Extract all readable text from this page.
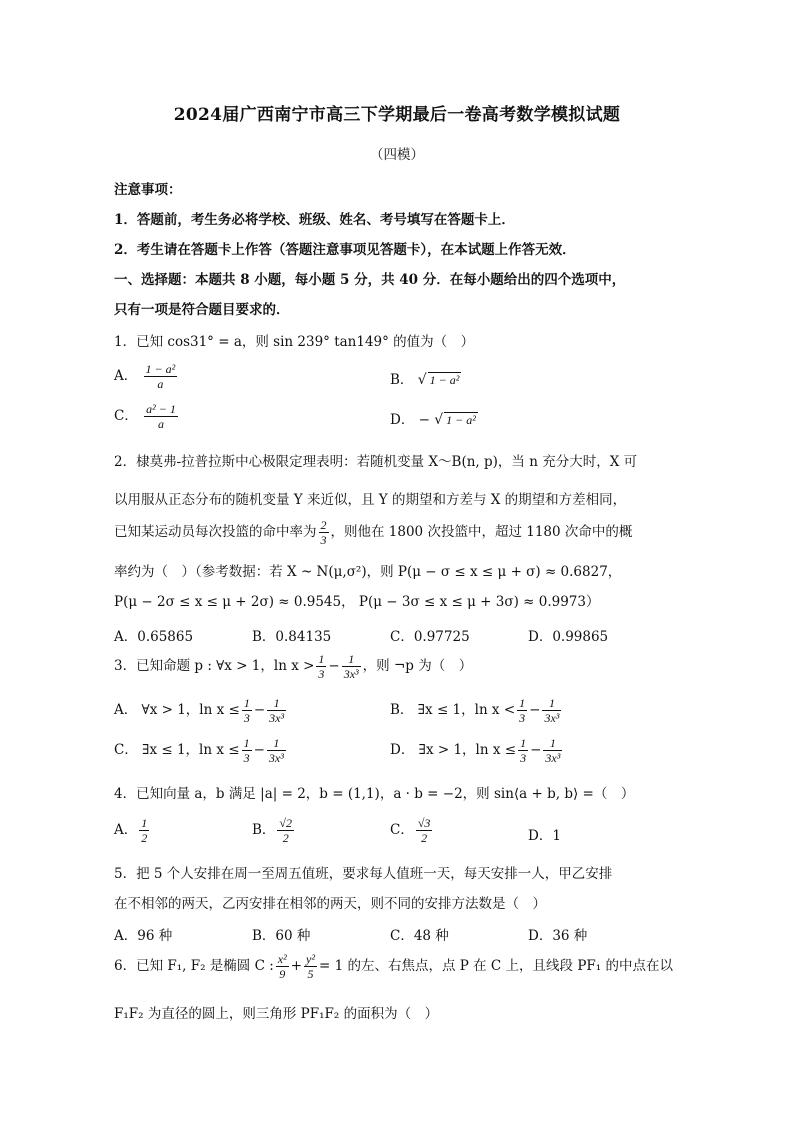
2024届广西南宁市高三下学期最后一卷高考数学模拟试题
（四模）
注意事项：
1．答题前，考生务必将学校、班级、姓名、考号填写在答题卡上．
2．考生请在答题卡上作答（答题注意事项见答题卡），在本试题上作答无效．
一、选择题：本题共 8 小题，每小题 5 分，共 40 分．在每小题给出的四个选项中，
只有一项是符合题目要求的．
1．已知 cos31° = a，则 sin 239° tan149° 的值为（　）
A． $\frac{\text{1 − a²}}{a}$	B． √ 1 − a²
C． $\frac{\text{a² − 1}}{a}$	D． − √ 1 − a²
2．棣莫弗-拉普拉斯中心极限定理表明：若随机变量 X～B(n, p)，当 n 充分大时，X 可
以用服从正态分布的随机变量 Y 来近似，且 Y 的期望和方差与 X 的期望和方差相同，
已知某运动员每次投篮的命中率为 $\frac{2}{3}$ ，则他在 1800 次投篮中，超过 1180 次命中的概
率约为（　）（参考数据：若 X ~ N(μ,σ²)，则 P(μ − σ ≤ x ≤ μ + σ) ≈ 0.6827，
P(μ − 2σ ≤ x ≤ μ + 2σ) ≈ 0.9545， P(μ − 3σ ≤ x ≤ μ + 3σ) ≈ 0.9973）
A．0.65865	B．0.84135	C．0.97725	D．0.99865
3．已知命题 p : ∀x > 1，$\ln x > \frac{1}{3} - \frac{1}{\text{3x³}}$ ，则 ¬p 为（　）
A． ∀x > 1，$\ln x \le \frac{1}{3} - \frac{1}{\text{3x³}}$	B． ∃x ≤ 1，$\ln x < \frac{1}{3} - \frac{1}{\text{3x³}}$
C． ∃x ≤ 1，$\ln x \le \frac{1}{3} - \frac{1}{\text{3x³}}$	D． ∃x > 1，$\ln x \le \frac{1}{3} - \frac{1}{\text{3x³}}$
4．已知向量 a，b 满足 |a| = 2，b = (1,1)，a · b = −2，则 sin⟨a + b, b⟩ =（　）
A． $\frac{1}{2}$	B． $\frac{√2}{2}$	C． $\frac{√3}{2}$	D．1
5．把 5 个人安排在周一至周五值班，要求每人值班一天，每天安排一人，甲乙安排
在不相邻的两天，乙丙安排在相邻的两天，则不同的安排方法数是（　）
A．96 种	B．60 种	C．48 种	D．36 种
6．已知 F₁, F₂ 是椭圆 C : $\frac{\text{x²}}{9} + \frac{\text{y²}}{5} = 1$ 的左、右焦点，点 P 在 C 上，且线段 PF₁ 的中点在以
F₁F₂ 为直径的圆上，则三角形 PF₁F₂ 的面积为（　）
